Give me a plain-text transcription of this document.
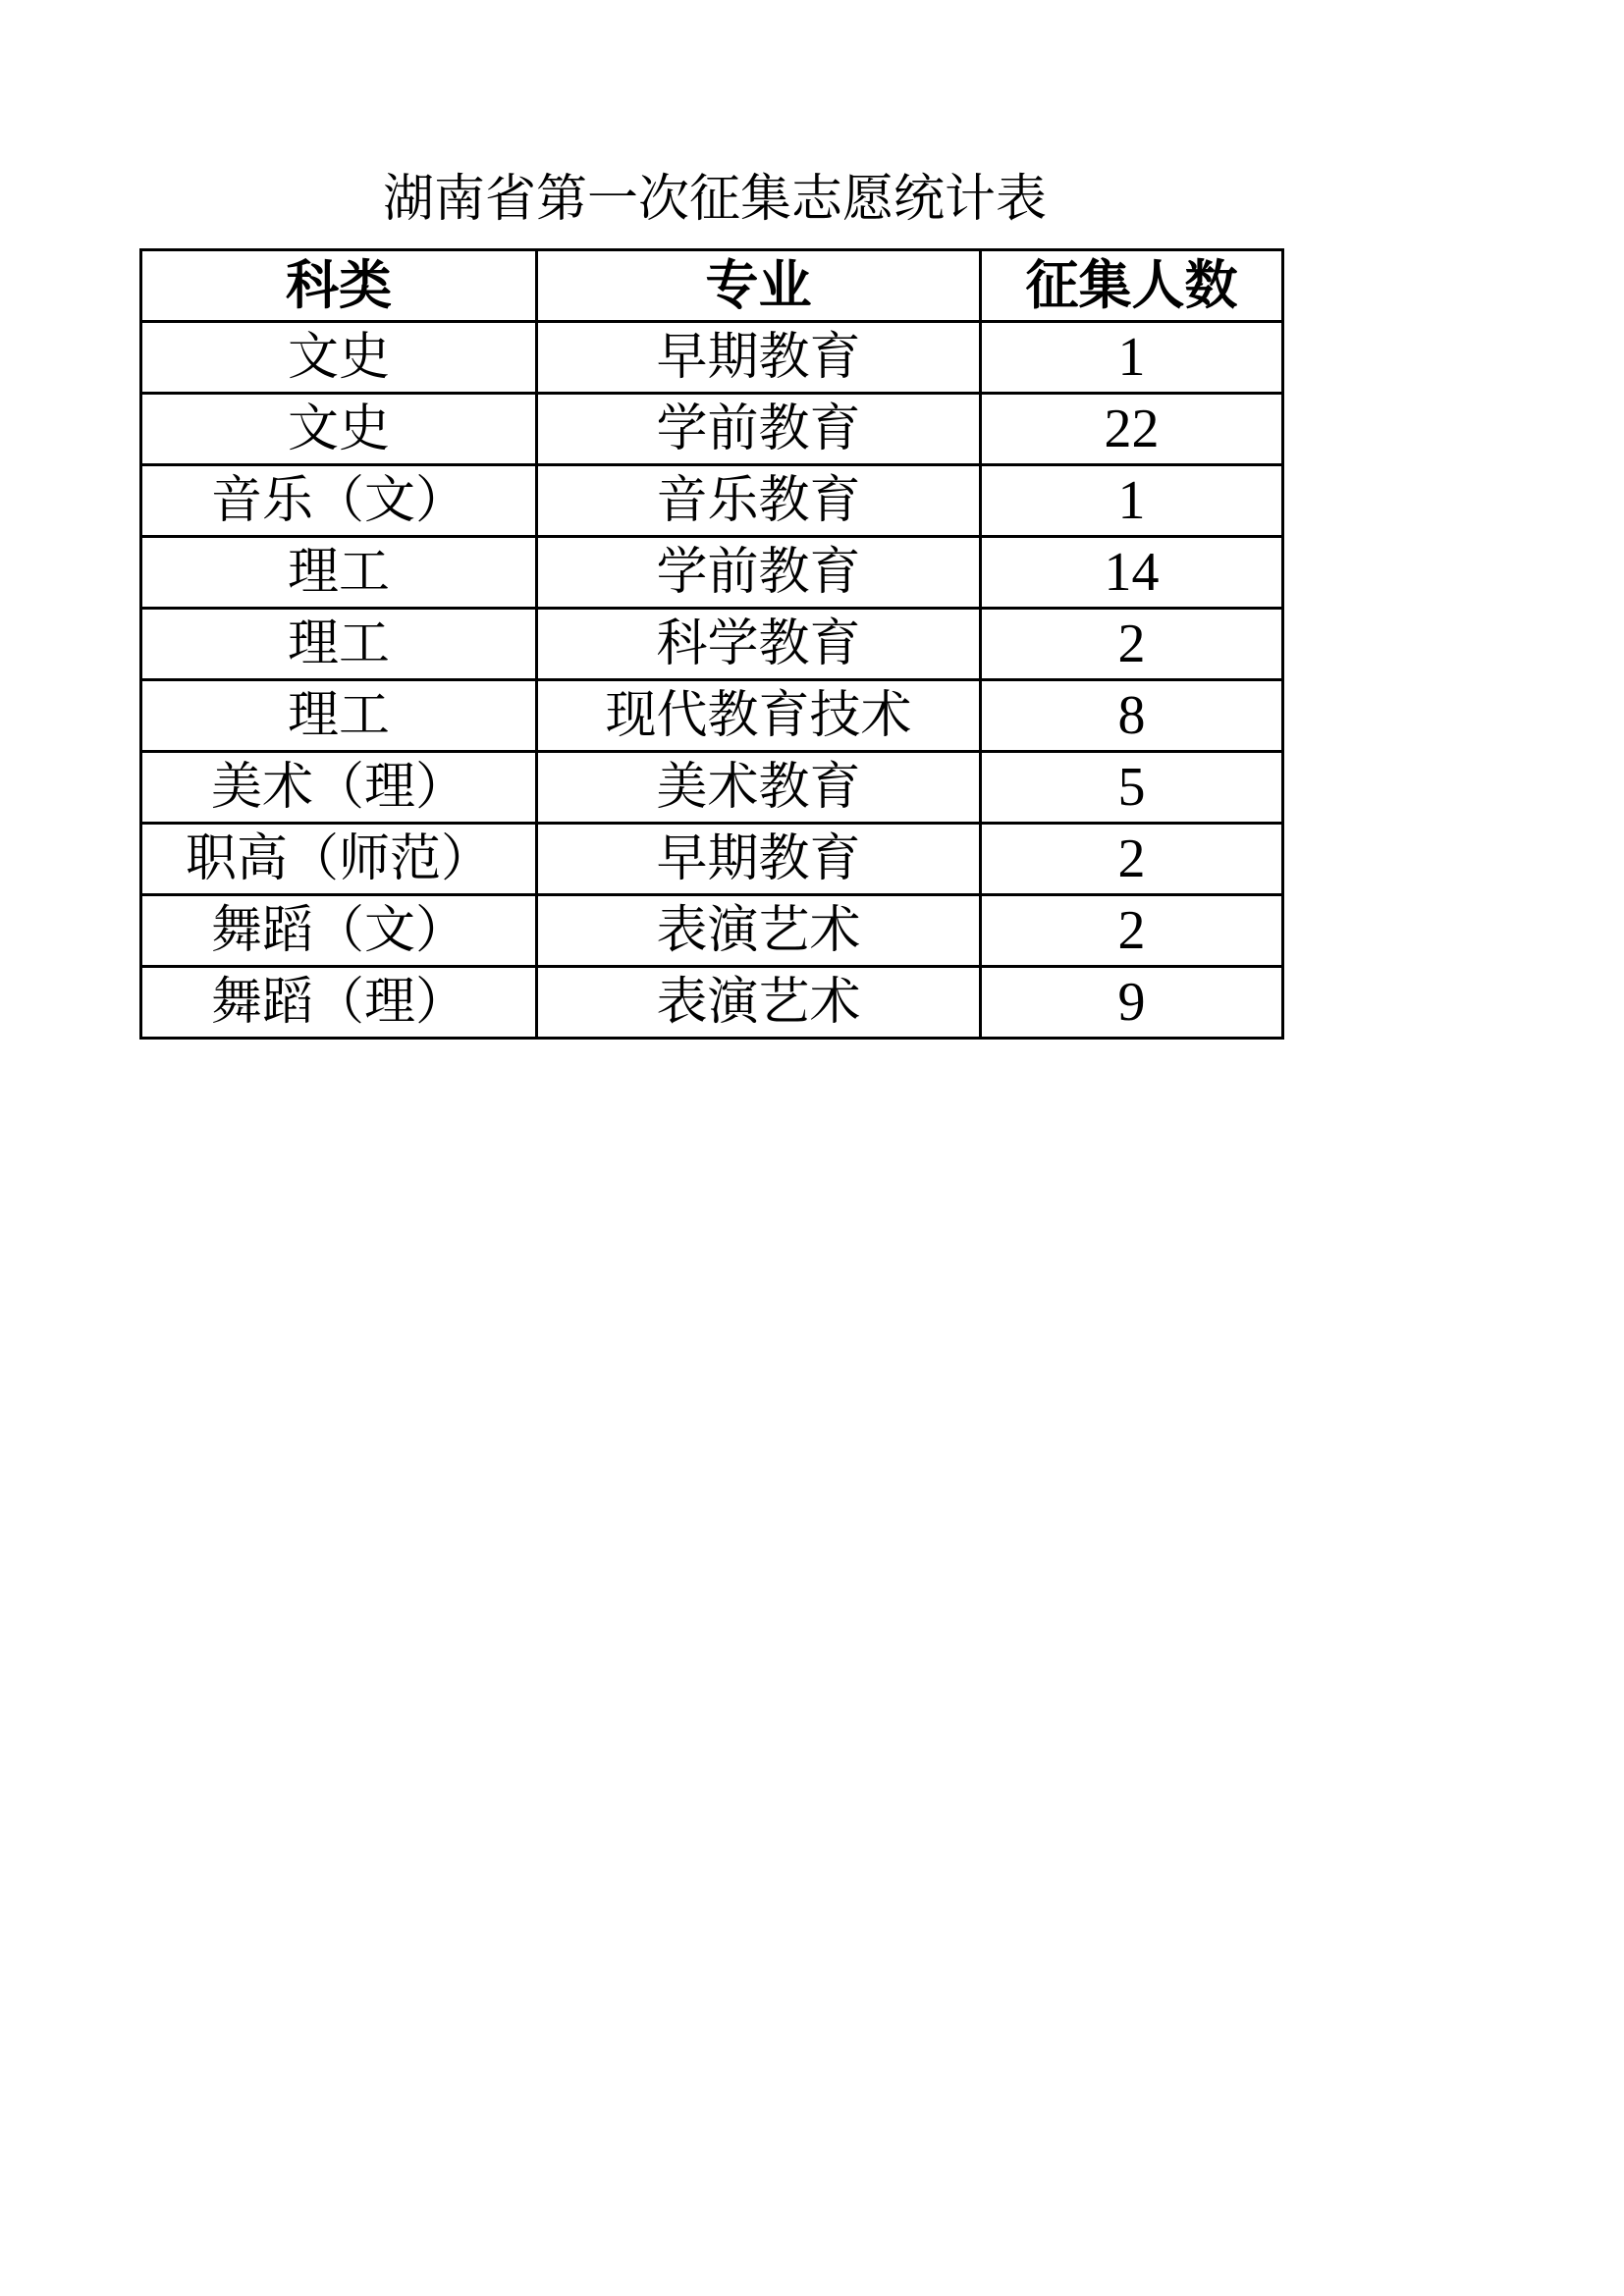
湖南省第一次征集志愿统计表
科类	专业	征集人数
文史	早期教育	1
文史	学前教育	22
音乐（文）	音乐教育	1
理工	学前教育	14
理工	科学教育	2
理工	现代教育技术	8
美术（理）	美术教育	5
职高（师范）	早期教育	2
舞蹈（文）	表演艺术	2
舞蹈（理）	表演艺术	9
